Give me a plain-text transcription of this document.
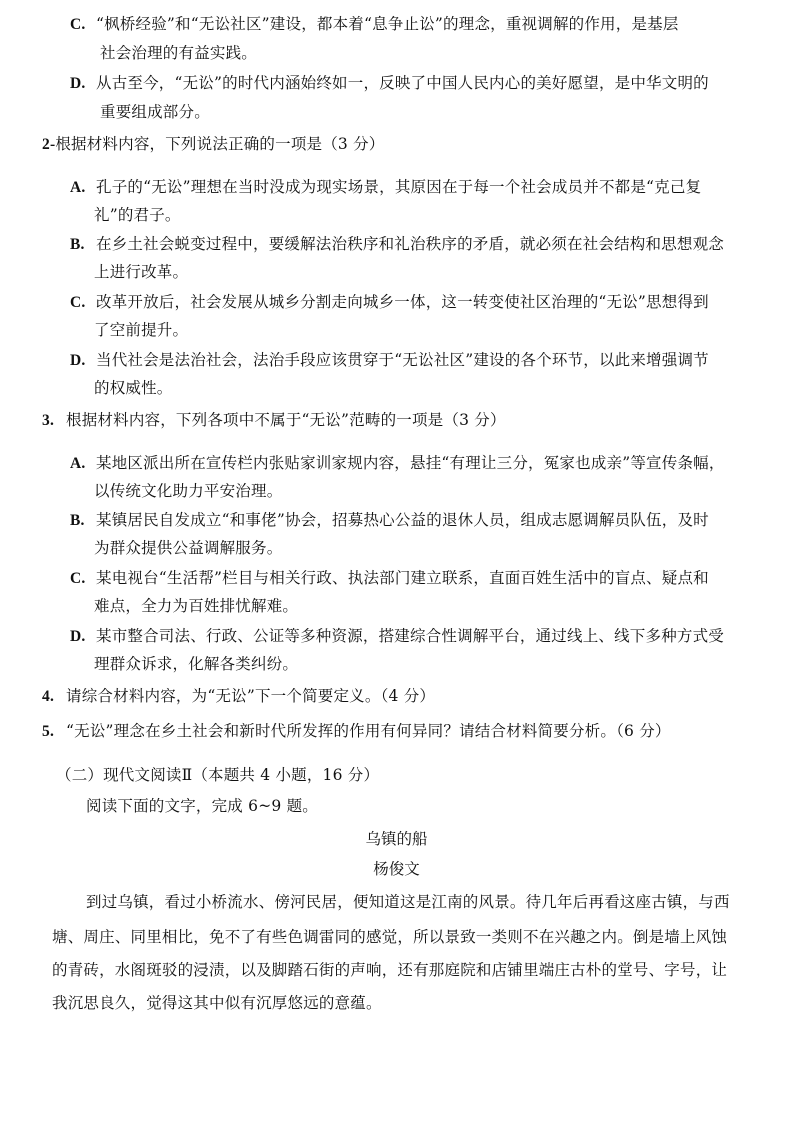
C. “枫桥经验”和“无讼社区”建设，都本着“息争止讼”的理念，重视调解的作用，是基层
社会治理的有益实践。
D. 从古至今，“无讼”的时代内涵始终如一，反映了中国人民内心的美好愿望，是中华文明的
重要组成部分。
2-根据材料内容，下列说法正确的一项是（3 分）
A. 孔子的“无讼”理想在当时没成为现实场景，其原因在于每一个社会成员并不都是“克己复
礼”的君子。
B. 在乡土社会蜕变过程中，要缓解法治秩序和礼治秩序的矛盾，就必须在社会结构和思想观念
上进行改革。
C. 改革开放后，社会发展从城乡分割走向城乡一体，这一转变使社区治理的“无讼”思想得到
了空前提升。
D. 当代社会是法治社会，法治手段应该贯穿于“无讼社区”建设的各个环节，以此来增强调节
的权威性。
3. 根据材料内容，下列各项中不属于“无讼”范畴的一项是（3 分）
A. 某地区派出所在宣传栏内张贴家训家规内容，悬挂“有理让三分，冤家也成亲”等宣传条幅，
以传统文化助力平安治理。
B. 某镇居民自发成立“和事佬”协会，招募热心公益的退休人员，组成志愿调解员队伍，及时
为群众提供公益调解服务。
C. 某电视台“生活帮”栏目与相关行政、执法部门建立联系，直面百姓生活中的盲点、疑点和
难点，全力为百姓排忧解难。
D. 某市整合司法、行政、公证等多种资源，搭建综合性调解平台，通过线上、线下多种方式受
理群众诉求，化解各类纠纷。
4. 请综合材料内容，为“无讼”下一个简要定义。（4 分）
5. “无讼”理念在乡土社会和新时代所发挥的作用有何异同？请结合材料简要分析。（6 分）
（二）现代文阅读Ⅱ（本题共 4 小题，16 分）
阅读下面的文字，完成 6~9 题。
乌镇的船
杨俊文
到过乌镇，看过小桥流水、傍河民居，便知道这是江南的风景。待几年后再看这座古镇，与西
塘、周庄、同里相比，免不了有些色调雷同的感觉，所以景致一类则不在兴趣之内。倒是墙上风蚀
的青砖，水阁斑驳的浸渍，以及脚踏石街的声响，还有那庭院和店铺里端庄古朴的堂号、字号，让
我沉思良久，觉得这其中似有沉厚悠远的意蕴。
